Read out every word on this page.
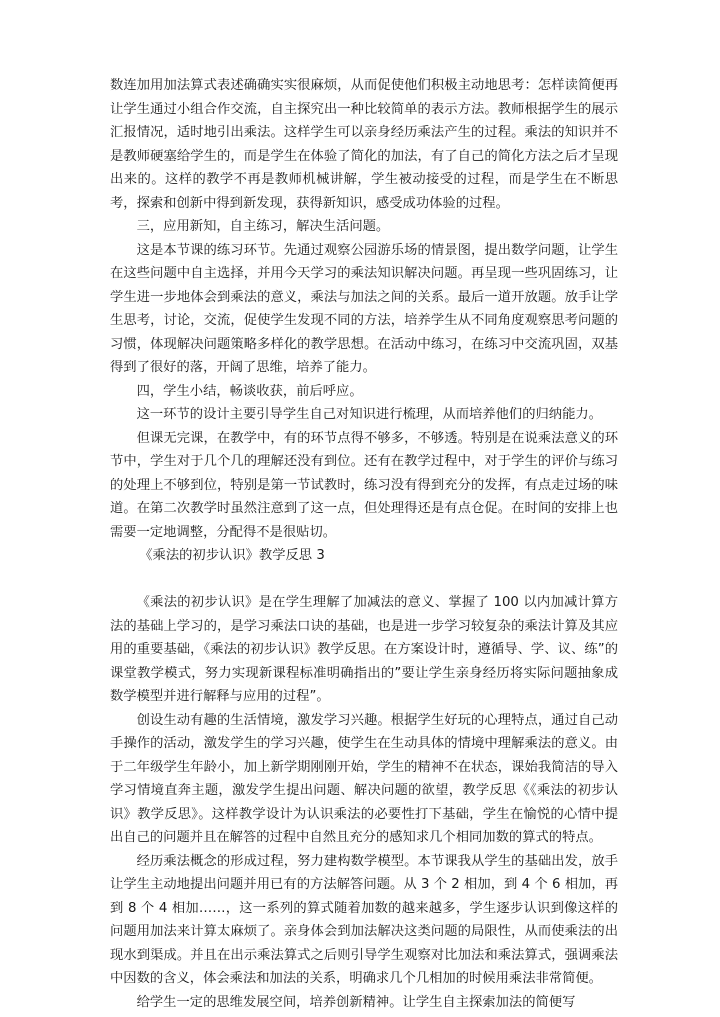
数连加用加法算式表述确确实实很麻烦，从而促使他们积极主动地思考：怎样读简便再让学生通过小组合作交流，自主探究出一种比较简单的表示方法。教师根据学生的展示汇报情况，适时地引出乘法。这样学生可以亲身经历乘法产生的过程。乘法的知识并不是教师硬塞给学生的，而是学生在体验了简化的加法，有了自己的简化方法之后才呈现出来的。这样的教学不再是教师机械讲解，学生被动接受的过程，而是学生在不断思考，探索和创新中得到新发现，获得新知识，感受成功体验的过程。

三，应用新知，自主练习，解决生活问题。

这是本节课的练习环节。先通过观察公园游乐场的情景图，提出数学问题，让学生在这些问题中自主选择，并用今天学习的乘法知识解决问题。再呈现一些巩固练习，让学生进一步地体会到乘法的意义，乘法与加法之间的关系。最后一道开放题。放手让学生思考，讨论，交流，促使学生发现不同的方法，培养学生从不同角度观察思考问题的习惯，体现解决问题策略多样化的教学思想。在活动中练习，在练习中交流巩固，双基得到了很好的落，开阔了思维，培养了能力。

四，学生小结，畅谈收获，前后呼应。

这一环节的设计主要引导学生自己对知识进行梳理，从而培养他们的归纳能力。

但课无完课，在教学中，有的环节点得不够多，不够透。特别是在说乘法意义的环节中，学生对于几个几的理解还没有到位。还有在教学过程中，对于学生的评价与练习的处理上不够到位，特别是第一节试教时，练习没有得到充分的发挥，有点走过场的味道。在第二次教学时虽然注意到了这一点，但处理得还是有点仓促。在时间的安排上也需要一定地调整，分配得不是很贴切。

《乘法的初步认识》教学反思 3

《乘法的初步认识》是在学生理解了加减法的意义、掌握了 100 以内加减计算方法的基础上学习的，是学习乘法口诀的基础，也是进一步学习较复杂的乘法计算及其应用的重要基础，《乘法的初步认识》教学反思。在方案设计时，遵循导、学、议、练”的课堂教学模式，努力实现新课程标准明确指出的”要让学生亲身经历将实际问题抽象成数学模型并进行解释与应用的过程”。

创设生动有趣的生活情境，激发学习兴趣。根据学生好玩的心理特点，通过自己动手操作的活动，激发学生的学习兴趣，使学生在生动具体的情境中理解乘法的意义。由于二年级学生年龄小，加上新学期刚刚开始，学生的精神不在状态，课始我简洁的导入学习情境直奔主题，激发学生提出问题、解决问题的欲望，教学反思《《乘法的初步认识》教学反思》。这样教学设计为认识乘法的必要性打下基础，学生在愉悦的心情中提出自己的问题并且在解答的过程中自然且充分的感知求几个相同加数的算式的特点。

经历乘法概念的形成过程，努力建构数学模型。本节课我从学生的基础出发，放手让学生主动地提出问题并用已有的方法解答问题。从 3 个 2 相加，到 4 个 6 相加，再到 8 个 4 相加……，这一系列的算式随着加数的越来越多，学生逐步认识到像这样的问题用加法来计算太麻烦了。亲身体会到加法解决这类问题的局限性，从而使乘法的出现水到渠成。并且在出示乘法算式之后则引导学生观察对比加法和乘法算式，强调乘法中因数的含义，体会乘法和加法的关系，明确求几个几相加的时候用乘法非常简便。

给学生一定的思维发展空间，培养创新精神。让学生自主探索加法的简便写
